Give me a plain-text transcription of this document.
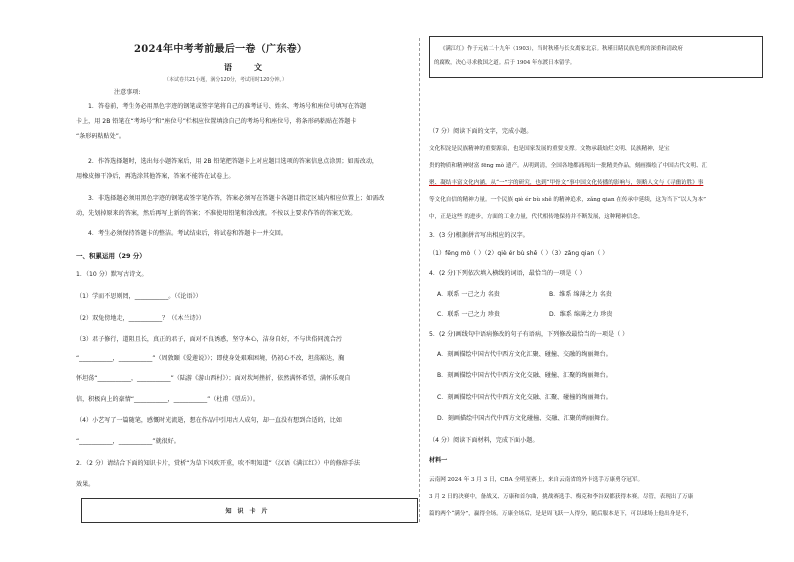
2024年中考考前最后一卷（广东卷）
语文
（本试卷共21小题，满分120分，考试用时120分钟。）
注意事项:
1．答卷前，考生务必用黑色字迹的钢笔或签字笔将自己的准考证号、姓名、考场号和座位号填写在答题
卡上，用 2B 铅笔在“考场号”和“座位号”栏相应位置填涂自己的考场号和座位号，将条形码粘贴在答题卡
“条形码粘贴处”。
2．作答选择题时，选出每小题答案后，用 2B 铅笔把答题卡上对应题目选项的答案信息点涂黑；如需改动，
用橡皮擦干净后，再选涂其他答案，答案不能答在试卷上。
3．非选择题必须用黑色字迹的钢笔或签字笔作答，答案必须写在答题卡各题目指定区域内相应位置上；如需改
动，先划掉原来的答案，然后再写上新的答案；不准使用铅笔和涂改液。不按以上要求作答的答案无效。
4．考生必须保持答题卡的整洁。考试结束后，将试卷和答题卡一并交回。
一、积累运用（29 分）
1．（10 分）默写古诗文。
（1）学而不思则罔，___________。（《论语》）
（2）双兔傍地走，___________？（《木兰诗》）
（3）君子修行，道阻且长，真正的君子，面对不良诱惑，坚守本心，洁身自好，不与世俗同流合污
“___________，___________”（周敦颐《爱莲说》）；即使身处艰难困境，仍初心不改，坦荡豁达，胸
怀坦荡“___________，___________”（陆游《游山西村》）；面对坎坷挫折，依然满怀希望，满怀乐观自
信，积极向上的豪情“___________，___________”（杜甫《望岳》）。
（4）小艺写了一篇随笔，感慨时光流逝，想在作品中引用古人成句，却一直没有想到合适的，比如
“___________，___________”就很好。
2．（2 分）请结合下面的知识卡片，赏析“为草下风吹开重，吹不明知道”（汉语《满江红》）中的修辞手法
效果。
知识卡片
《满江红》作于元祐二十九年（1903），当时秋瑾与长女离家北京。秋瑾日睹民族危机的深重和清政府
的腐败，决心寻求救国之道。后于 1904 年东渡日本留学。
（7 分）阅读下面的文字，完成小题。
文化积淀是民族精神的重要源泉，也是国家发展的重要支撑。文物承载灿烂文明、民族精神，是宝
贵的物质和精神财富 fēng mò 遗产。从明到清，全国各地都涌现出一批精美作品，刻画描绘了中国古代文明、汇
聚、凝结丰富文化内涵，从“一”字的研究，也到“甲骨文”事中国文化传播的影响与，领略人文与《寻幽访胜》事
等文化自信的精神力量。一个民族 qiè ér bù shě 的精神追求，zǎng qian 在传承中延续，这为当下“以人为本”
中，正是这些 的进步，方面的工业力量，代代相传地保持并不断发展，这种精神信念。
3．(3 分)根据拼音写出相应的汉字。
（1）fēng mò（ ）（2）qiè ér bù shě（ ）（3）zǎng qian（ ）
4．(2 分)下列依次填入横线的词语，最恰当的一项是（ ）
A．联系 一己之力 名贵	B．维系 绵薄之力 名贵
C．联系 一己之力 珍贵	D．维系 绵薄之力 珍贵
5．(2 分)画线句中语病修改的句子有语病，下列修改最恰当的一项是（ ）
A．刻画描绘中国古代中西方文化汇聚、碰撞、交融的绚丽舞台。
B．刻画描绘中国古代中西方文化交融、碰撞、汇聚的绚丽舞台。
C．刻画描绘中国古代中西方文化交融、汇聚、碰撞的绚丽舞台。
D．刻画描绘中国古代中西方文化碰撞、交融、汇聚的绚丽舞台。
（4 分）阅读下面材料，完成下面小题。
材料一
云南网 2024 年 3 月 3 日，CBA 全明星赛上，来自云南省的外卡选手万康勇夺冠军。
3 月 2 日的决赛中，备战又、万康和首尔曲，挑战赛选手、梅克和李谷双都获得本赛。尽管，表现出了万康
篇的两个“满分”，赢得全场。万康全场后，是是周飞跃一人得分，随后服本是下，可以球场上他出身是不，
